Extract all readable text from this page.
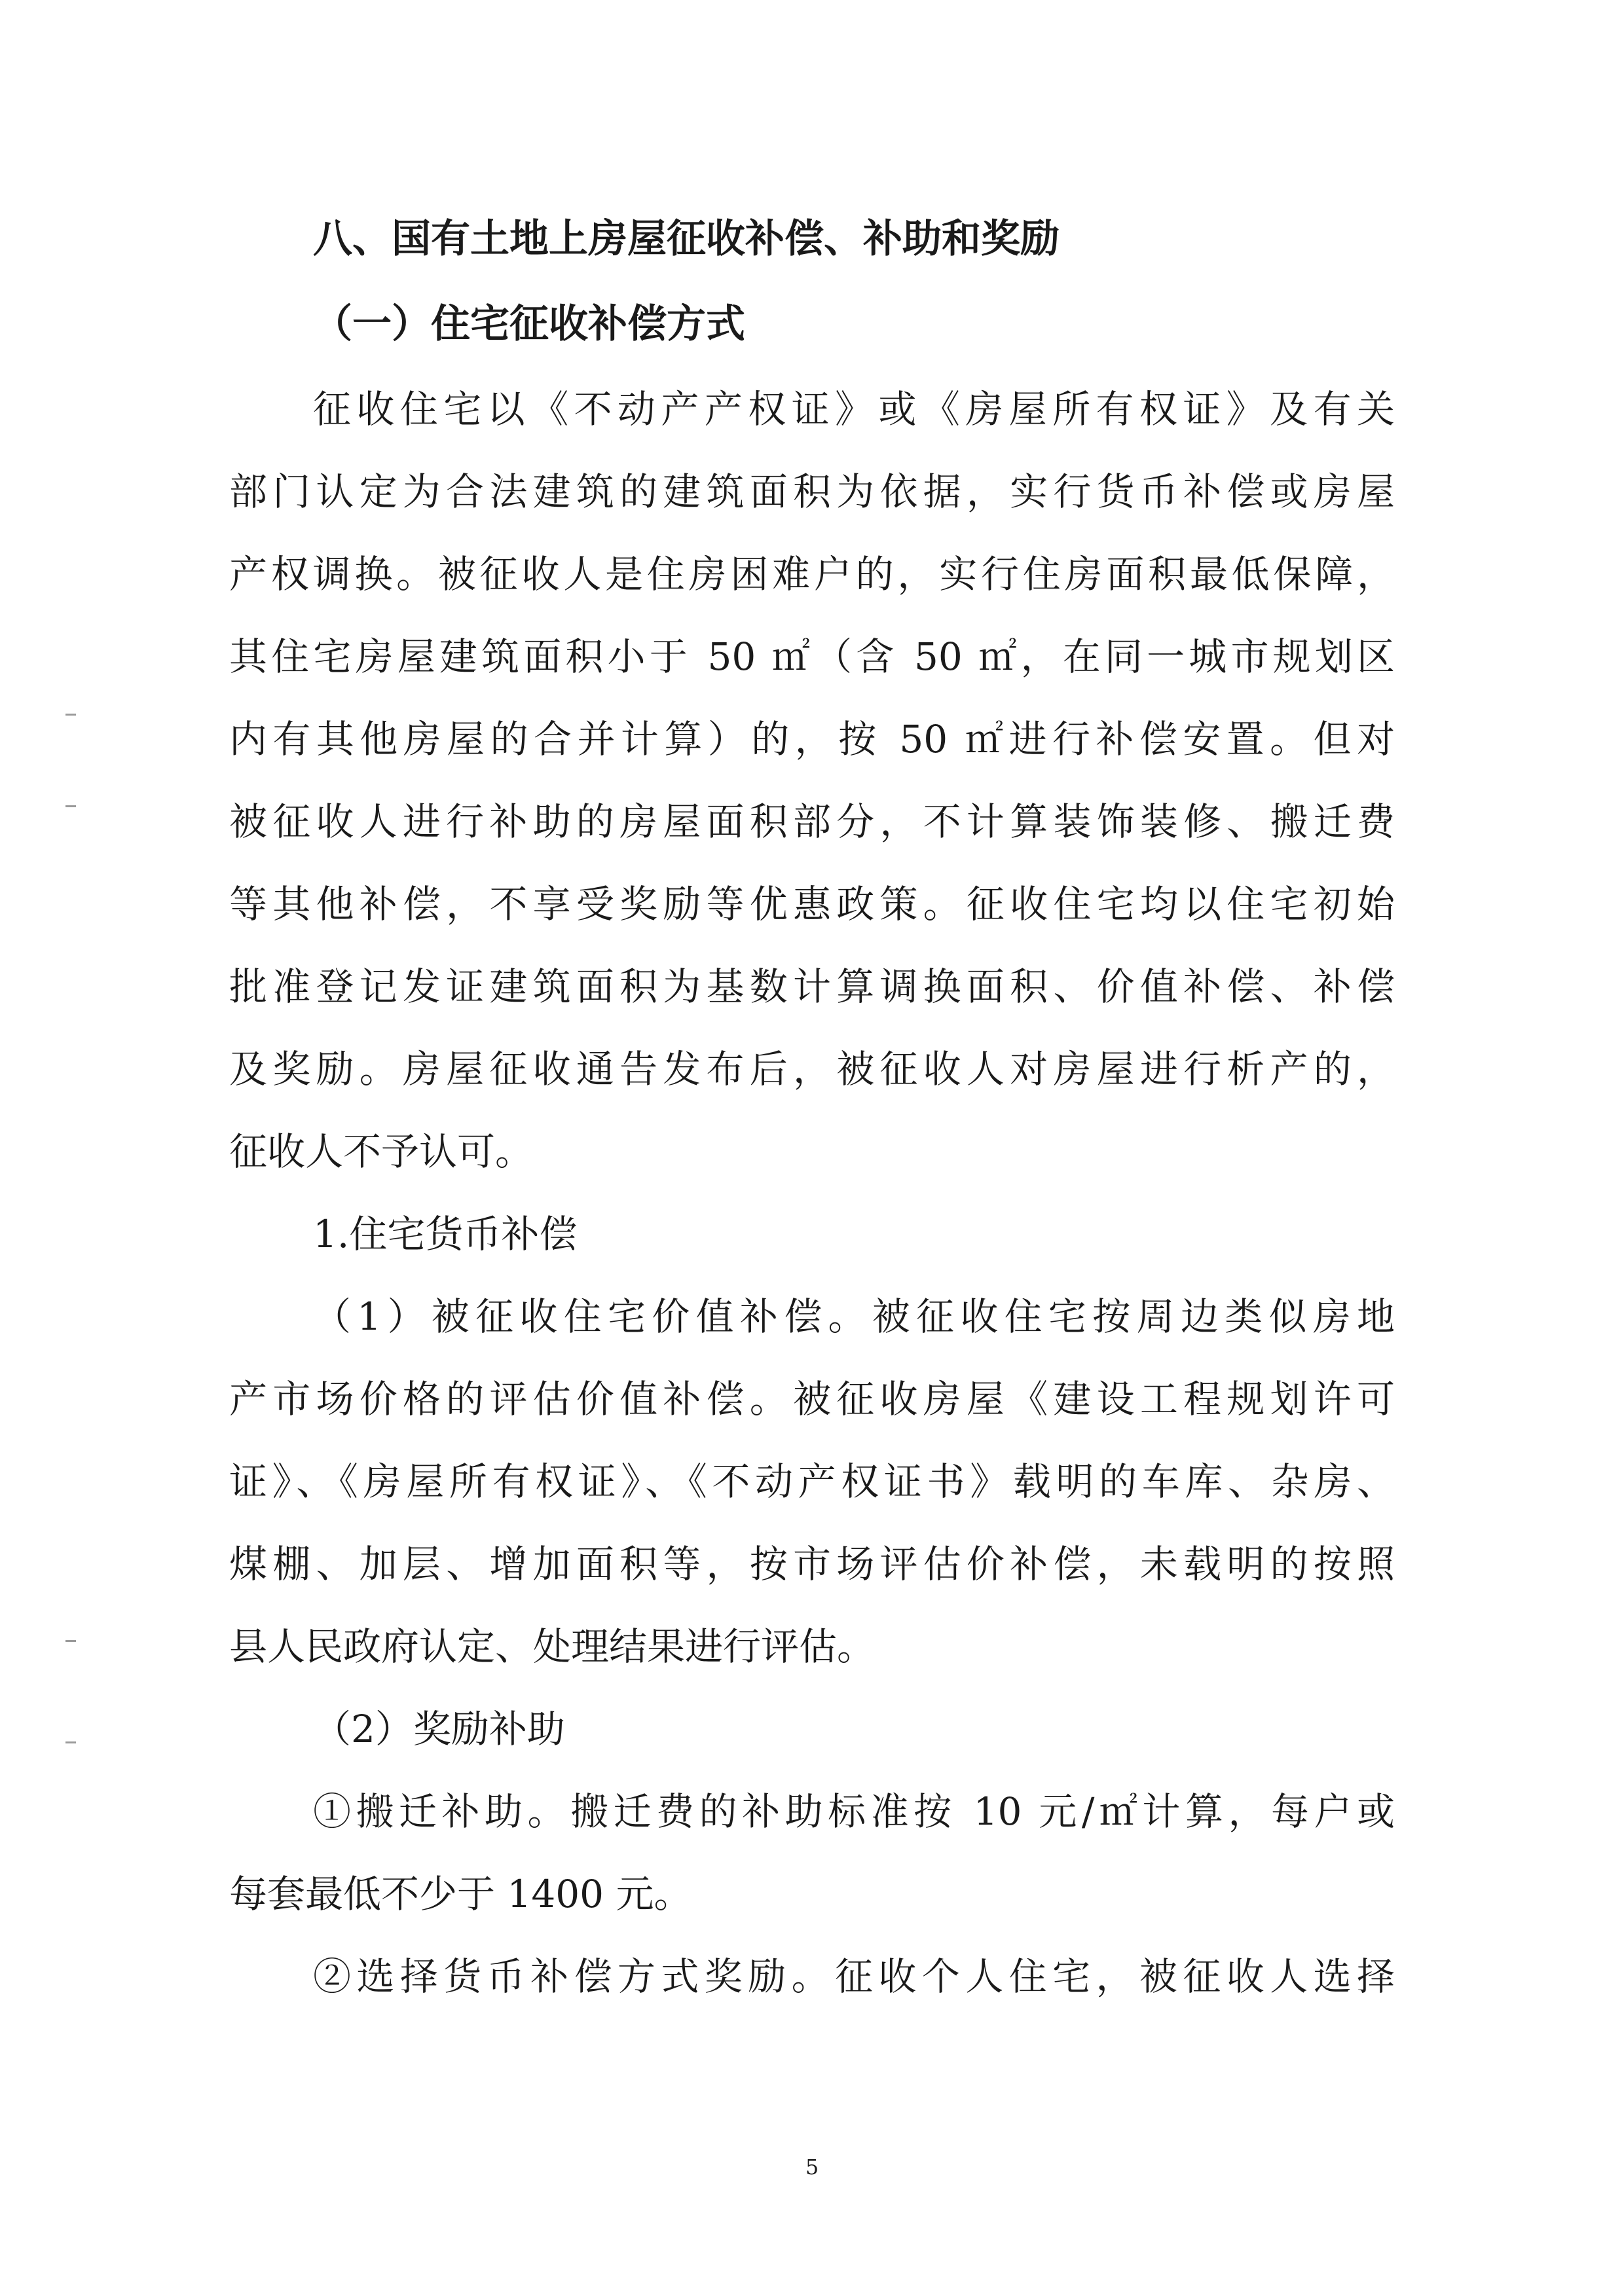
八、国有土地上房屋征收补偿、补助和奖励
（一）住宅征收补偿方式
征收住宅以《不动产产权证》或《房屋所有权证》及有关
部门认定为合法建筑的建筑面积为依据，实行货币补偿或房屋
产权调换。被征收人是住房困难户的，实行住房面积最低保障，
其住宅房屋建筑面积小于 50 ㎡（含 50 ㎡，在同一城市规划区
内有其他房屋的合并计算）的，按 50 ㎡进行补偿安置。但对
被征收人进行补助的房屋面积部分，不计算装饰装修、搬迁费
等其他补偿，不享受奖励等优惠政策。征收住宅均以住宅初始
批准登记发证建筑面积为基数计算调换面积、价值补偿、补偿
及奖励。房屋征收通告发布后，被征收人对房屋进行析产的，
征收人不予认可。
1.住宅货币补偿
（1）被征收住宅价值补偿。被征收住宅按周边类似房地
产市场价格的评估价值补偿。被征收房屋《建设工程规划许可
证》、《房屋所有权证》、《不动产权证书》载明的车库、杂房、
煤棚、加层、增加面积等，按市场评估价补偿，未载明的按照
县人民政府认定、处理结果进行评估。
（2）奖励补助
①搬迁补助。搬迁费的补助标准按 10 元/㎡计算，每户或
每套最低不少于 1400 元。
②选择货币补偿方式奖励。征收个人住宅，被征收人选择
5
